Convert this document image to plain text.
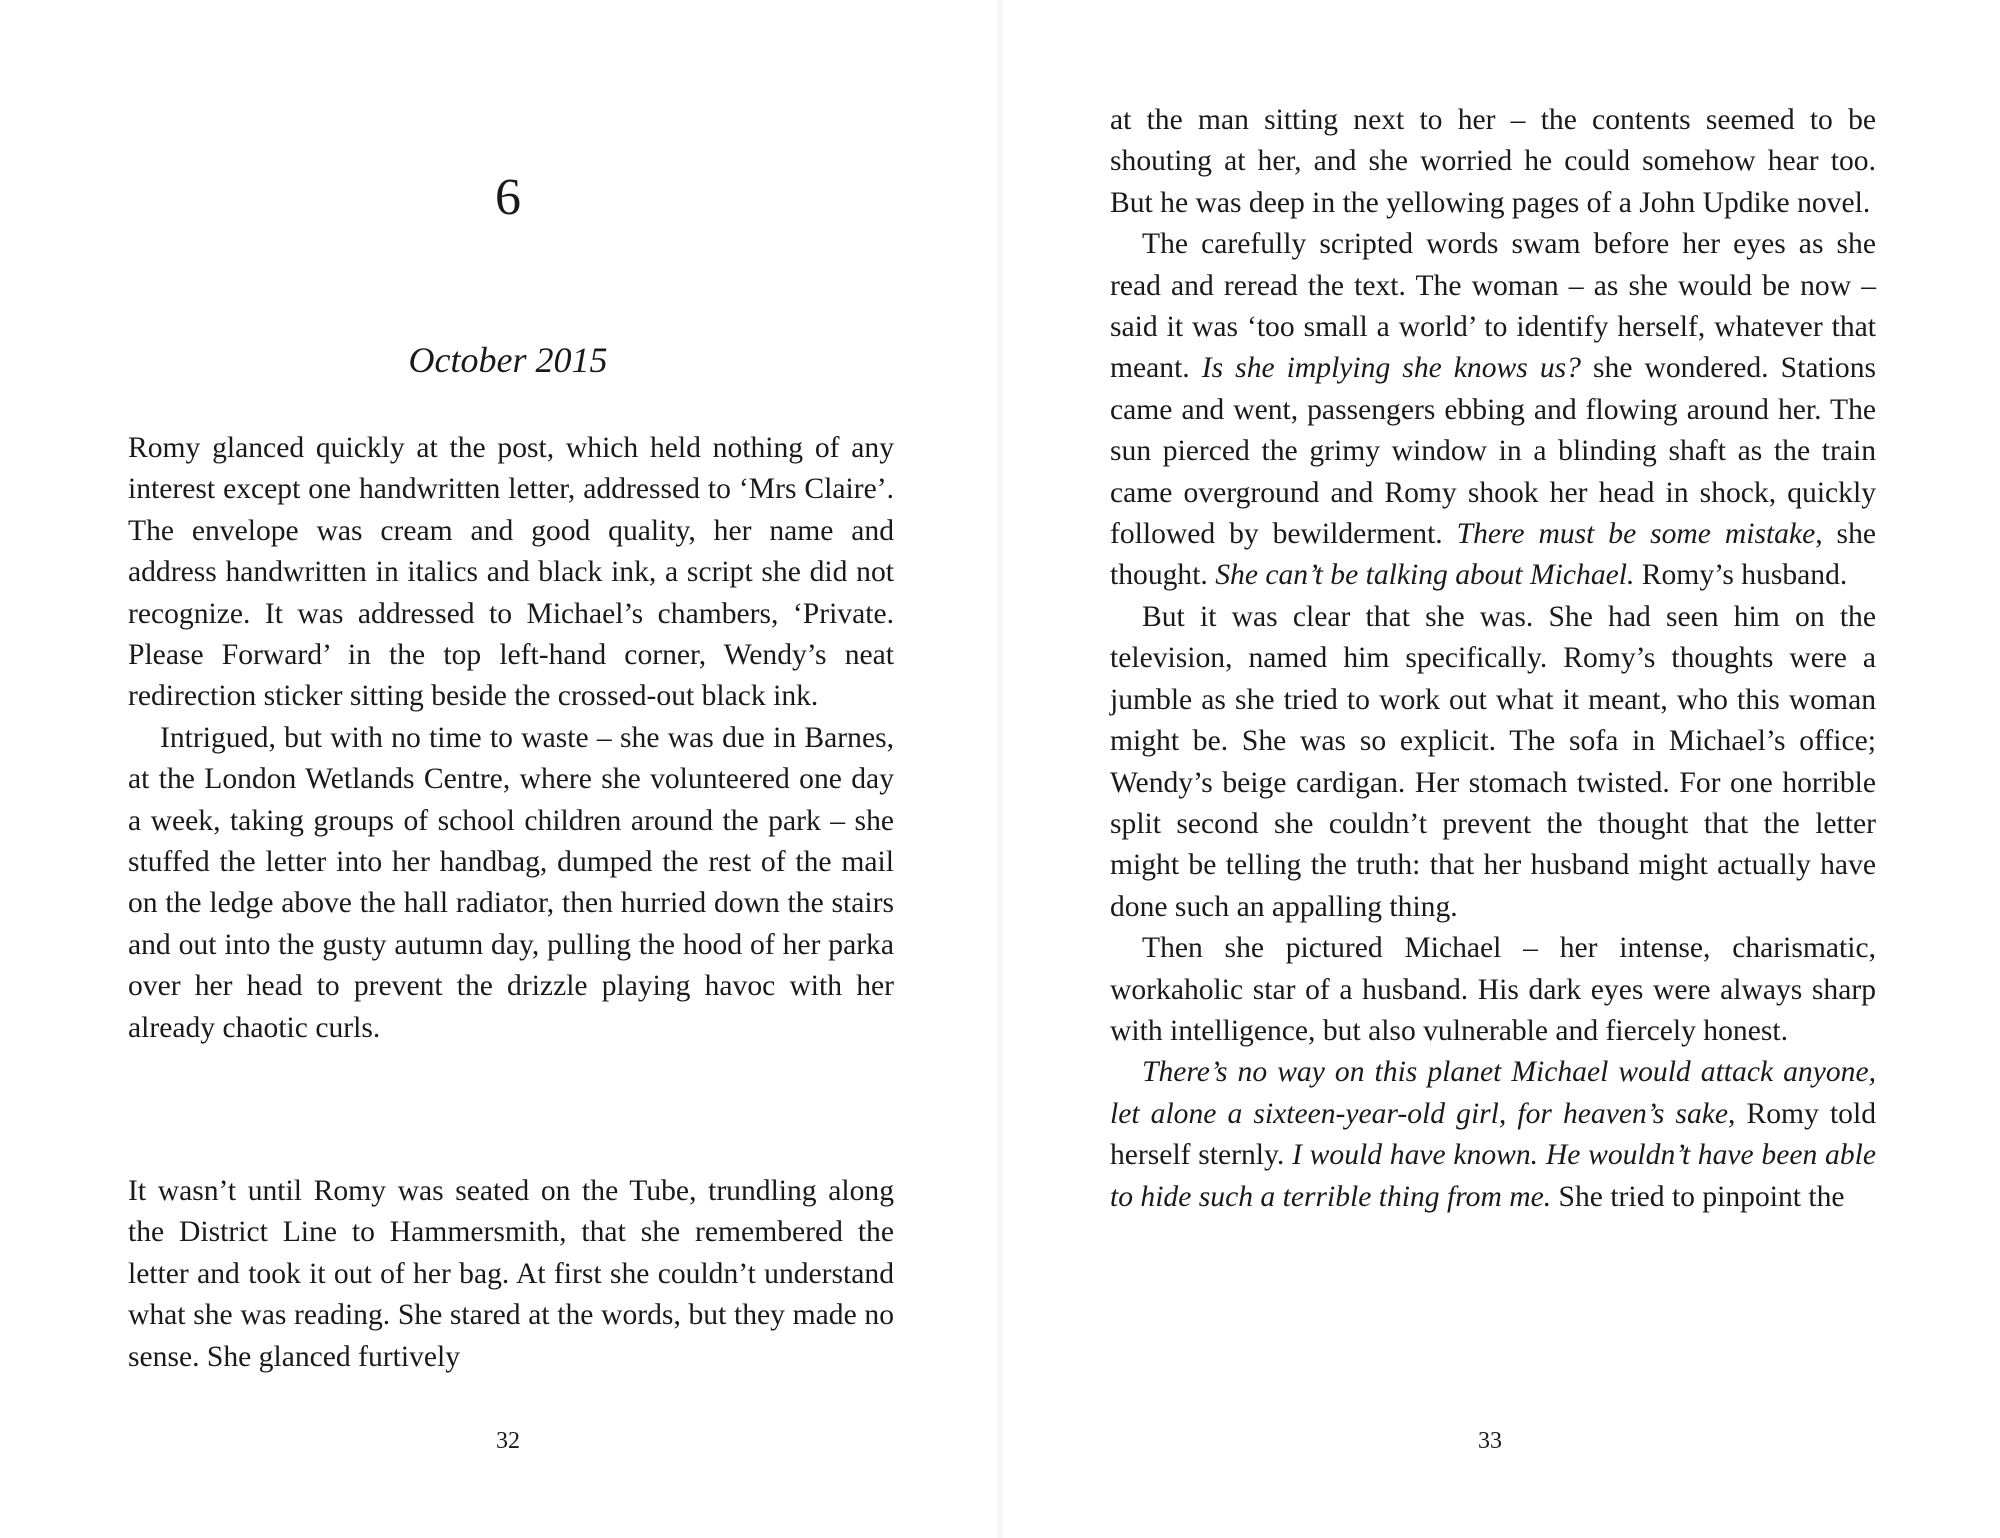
6
October 2015

Romy glanced quickly at the post, which held nothing of any interest except one handwritten letter, addressed to ‘Mrs Claire’. The envelope was cream and good quality, her name and address handwritten in italics and black ink, a script she did not recognize. It was addressed to Michael’s chambers, ‘Private. Please Forward’ in the top left-hand corner, Wendy’s neat redirection sticker sitting beside the crossed-out black ink.

Intrigued, but with no time to waste – she was due in Barnes, at the London Wetlands Centre, where she volunteered one day a week, taking groups of school children around the park – she stuffed the letter into her handbag, dumped the rest of the mail on the ledge above the hall radiator, then hurried down the stairs and out into the gusty autumn day, pulling the hood of her parka over her head to prevent the drizzle playing havoc with her already chaotic curls.

It wasn’t until Romy was seated on the Tube, trundling along the District Line to Hammersmith, that she remembered the letter and took it out of her bag. At first she couldn’t understand what she was reading. She stared at the words, but they made no sense. She glanced furtively

32

at the man sitting next to her – the contents seemed to be shouting at her, and she worried he could somehow hear too. But he was deep in the yellowing pages of a John Updike novel.

The carefully scripted words swam before her eyes as she read and reread the text. The woman – as she would be now – said it was ‘too small a world’ to identify herself, whatever that meant. Is she implying she knows us? she wondered. Stations came and went, passengers ebbing and flowing around her. The sun pierced the grimy window in a blinding shaft as the train came overground and Romy shook her head in shock, quickly followed by bewilderment. There must be some mistake, she thought. She can’t be talking about Michael. Romy’s husband.

But it was clear that she was. She had seen him on the television, named him specifically. Romy’s thoughts were a jumble as she tried to work out what it meant, who this woman might be. She was so explicit. The sofa in Michael’s office; Wendy’s beige cardigan. Her stomach twisted. For one horrible split second she couldn’t prevent the thought that the letter might be telling the truth: that her husband might actually have done such an appalling thing.

Then she pictured Michael – her intense, charismatic, workaholic star of a husband. His dark eyes were always sharp with intelligence, but also vulnerable and fiercely honest.

There’s no way on this planet Michael would attack anyone, let alone a sixteen-year-old girl, for heaven’s sake, Romy told herself sternly. I would have known. He wouldn’t have been able to hide such a terrible thing from me. She tried to pinpoint the

33
